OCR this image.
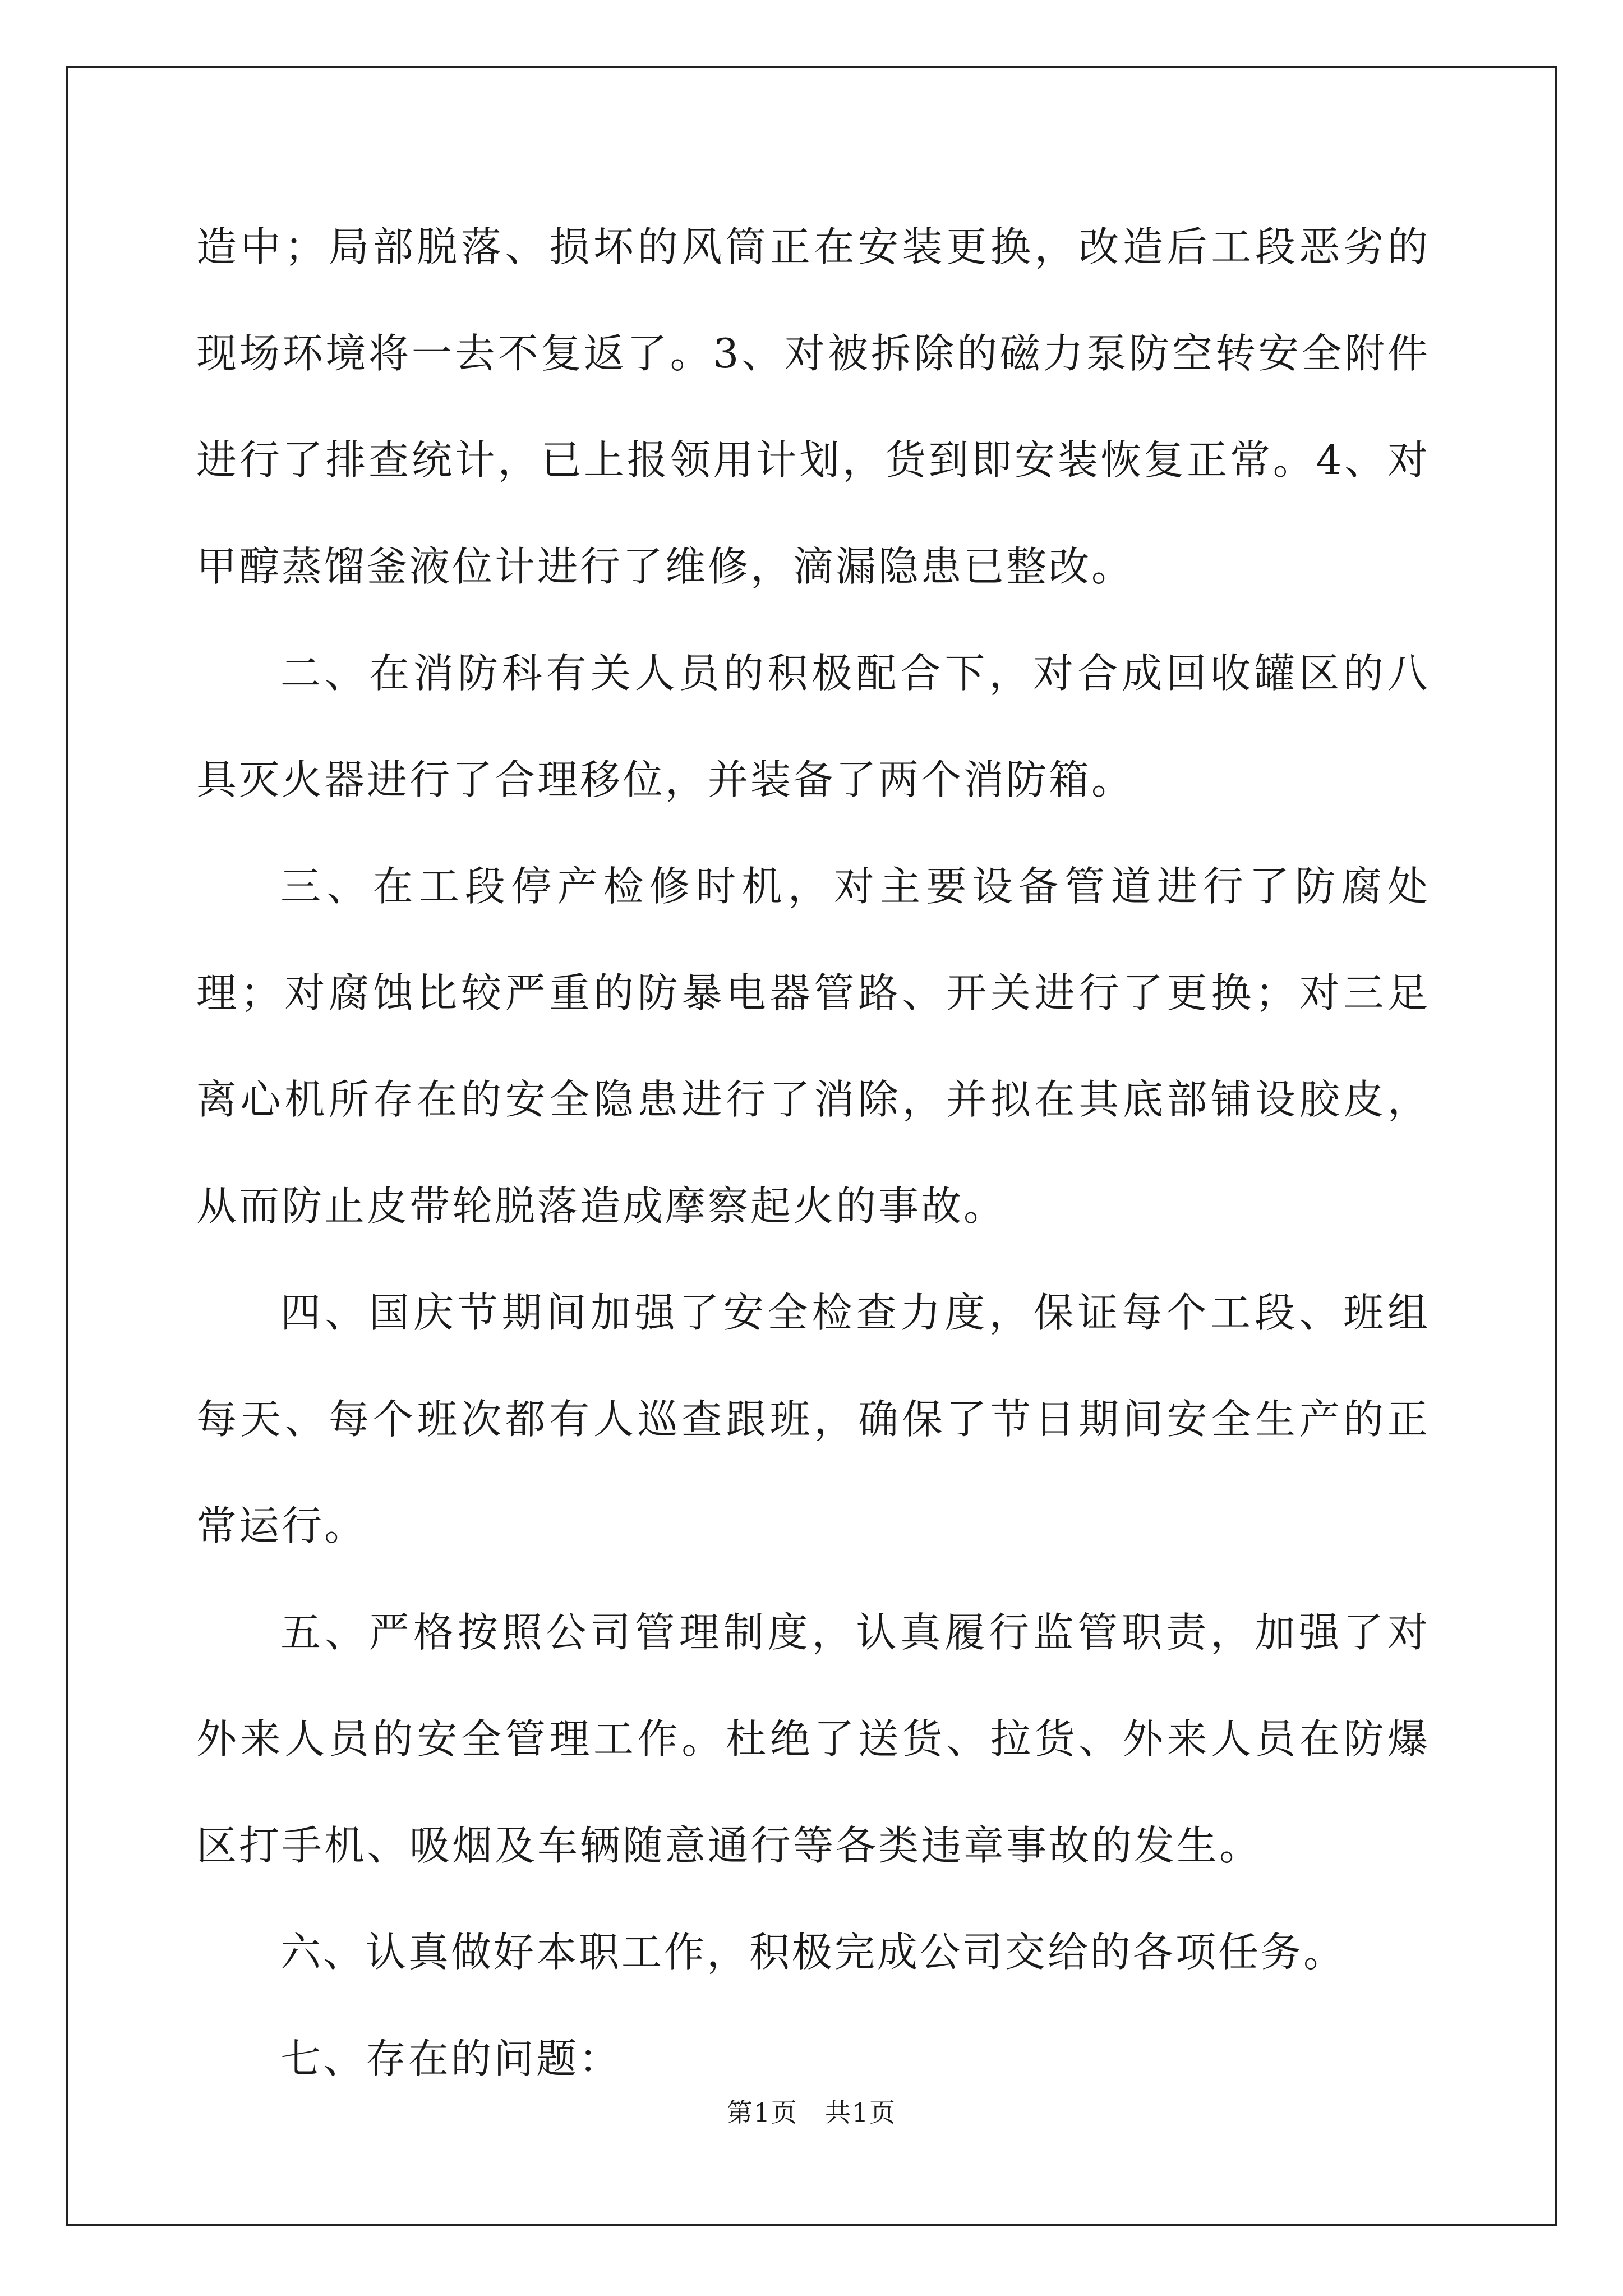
造中；局部脱落、损坏的风筒正在安装更换，改造后工段恶劣的现场环境将一去不复返了。3、对被拆除的磁力泵防空转安全附件进行了排查统计，已上报领用计划，货到即安装恢复正常。4、对甲醇蒸馏釜液位计进行了维修，滴漏隐患已整改。

二、在消防科有关人员的积极配合下，对合成回收罐区的八具灭火器进行了合理移位，并装备了两个消防箱。

三、在工段停产检修时机，对主要设备管道进行了防腐处理；对腐蚀比较严重的防暴电器管路、开关进行了更换；对三足离心机所存在的安全隐患进行了消除，并拟在其底部铺设胶皮，从而防止皮带轮脱落造成摩察起火的事故。

四、国庆节期间加强了安全检查力度，保证每个工段、班组每天、每个班次都有人巡查跟班，确保了节日期间安全生产的正常运行。

五、严格按照公司管理制度，认真履行监管职责，加强了对外来人员的安全管理工作。杜绝了送货、拉货、外来人员在防爆区打手机、吸烟及车辆随意通行等各类违章事故的发生。

六、认真做好本职工作，积极完成公司交给的各项任务。

七、存在的问题：

第1页　共1页
